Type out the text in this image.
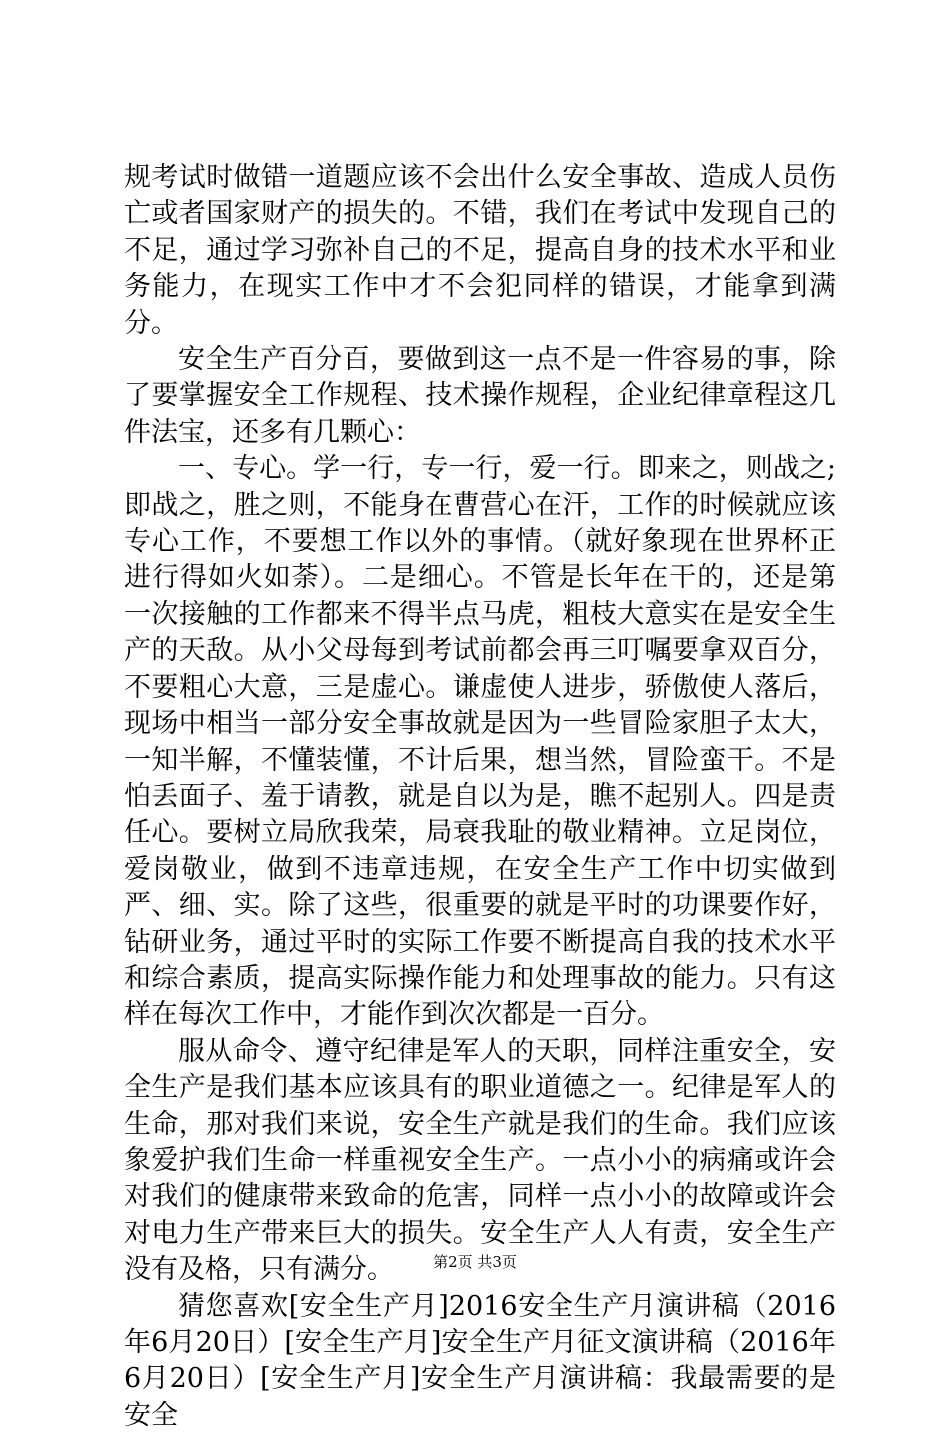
规考试时做错一道题应该不会出什么安全事故、造成人员伤亡或者国家财产的损失的。不错，我们在考试中发现自己的不足，通过学习弥补自己的不足，提高自身的技术水平和业务能力，在现实工作中才不会犯同样的错误，才能拿到满分。

安全生产百分百，要做到这一点不是一件容易的事，除了要掌握安全工作规程、技术操作规程，企业纪律章程这几件法宝，还多有几颗心：

一、专心。学一行，专一行，爱一行。即来之，则战之;即战之，胜之则，不能身在曹营心在汗，工作的时候就应该专心工作，不要想工作以外的事情。（就好象现在世界杯正进行得如火如荼）。二是细心。不管是长年在干的，还是第一次接触的工作都来不得半点马虎，粗枝大意实在是安全生产的天敌。从小父母每到考试前都会再三叮嘱要拿双百分，不要粗心大意，三是虚心。谦虚使人进步，骄傲使人落后，现场中相当一部分安全事故就是因为一些冒险家胆子太大，一知半解，不懂装懂，不计后果，想当然，冒险蛮干。不是怕丢面子、羞于请教，就是自以为是，瞧不起别人。四是责任心。要树立局欣我荣，局衰我耻的敬业精神。立足岗位，爱岗敬业，做到不违章违规，在安全生产工作中切实做到严、细、实。除了这些，很重要的就是平时的功课要作好，钻研业务，通过平时的实际工作要不断提高自我的技术水平和综合素质，提高实际操作能力和处理事故的能力。只有这样在每次工作中，才能作到次次都是一百分。

服从命令、遵守纪律是军人的天职，同样注重安全，安全生产是我们基本应该具有的职业道德之一。纪律是军人的生命，那对我们来说，安全生产就是我们的生命。我们应该象爱护我们生命一样重视安全生产。一点小小的病痛或许会对我们的健康带来致命的危害，同样一点小小的故障或许会对电力生产带来巨大的损失。安全生产人人有责，安全生产没有及格，只有满分。

猜您喜欢[安全生产月]2016安全生产月演讲稿（2016年6月20日）[安全生产月]安全生产月征文演讲稿（2016年6月20日）[安全生产月]安全生产月演讲稿：我最需要的是安全

第2页 共3页
